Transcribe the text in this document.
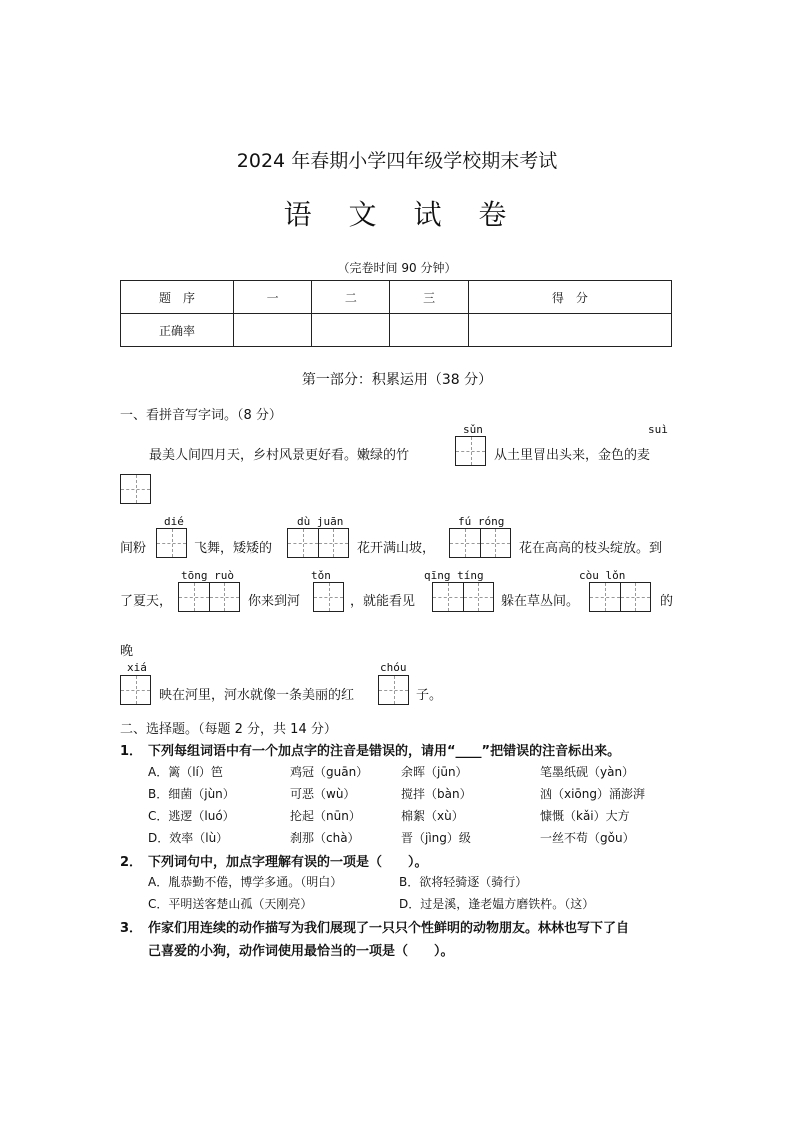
2024 年春期小学四年级学校期末考试
语 文 试 卷
（完卷时间 90 分钟）
题　序	一	二	三	得　分
正确率				
第一部分：积累运用（38 分）
一、看拼音写字词。（8 分）
sǔn	suì
最美人间四月天，乡村风景更好看。嫩绿的竹	从土里冒出头来，金色的麦
dié	dù juān	fú róng
间粉	飞舞，矮矮的	花开满山坡，	花在高高的枝头绽放。到
tōng ruò	tǒn	qīng tíng	còu lǒn
了夏天，	你来到河	，就能看见	躲在草丛间。	的
晚
xiá	chóu
映在河里，河水就像一条美丽的红	子。
二、选择题。（每题 2 分，共 14 分）
1． 下列每组词语中有一个加点字的注音是错误的，请用“____”把错误的注音标出来。
A．篱（lí）笆	鸡冠（guān）	余晖（jūn）	笔墨纸砚（yàn）
B．细菌（jùn）	可恶（wù）	搅拌（bàn）	汹（xiōng）涌澎湃
C．逃逻（luó）	抡起（nūn）	棉絮（xù）	慷慨（kǎi）大方
D．效率（lù）	刹那（chà）	晋（jìng）级	一丝不苟（gǒu）
2． 下列词句中，加点字理解有误的一项是（　　）。
A．胤恭勤不倦，博学多通。（明白）	B．欲将轻骑逐（骑行）
C．平明送客楚山孤（天刚亮）	D．过是溪，逢老媪方磨铁杵。（这）
3． 作家们用连续的动作描写为我们展现了一只只个性鲜明的动物朋友。林林也写下了自
己喜爱的小狗，动作词使用最恰当的一项是（　　）。
